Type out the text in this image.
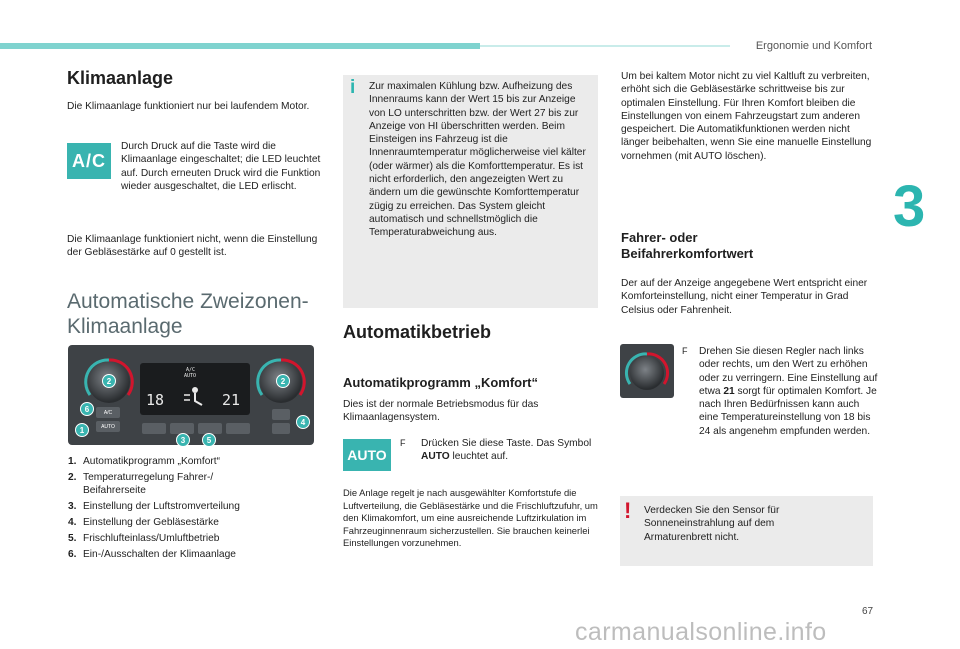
Ergonomie und Komfort
3
67
carmanualsonline.info
Klimaanlage

Die Klimaanlage funktioniert nur bei laufendem Motor.

A/C

Durch Druck auf die Taste wird die Klimaanlage eingeschaltet; die LED leuchtet auf. Durch erneuten Druck wird die Funktion wieder ausgeschaltet, die LED erlischt.

Die Klimaanlage funktioniert nicht, wenn die Einstellung der Gebläsestärke auf 0 gestellt ist.

Automatische Zweizonen-Klimaanlage
A/C
AUTO
18	21
A/C
AUTO
1
2	2
3
4
5
6
1. Automatikprogramm „Komfort“
2. Temperaturregelung Fahrer-/ Beifahrerseite
3. Einstellung der Luftstromverteilung
4. Einstellung der Gebläsestärke
5. Frischlufteinlass/Umluftbetrieb
6. Ein-/Ausschalten der Klimaanlage
i Zur maximalen Kühlung bzw. Aufheizung des Innenraums kann der Wert 15 bis zur Anzeige von LO unterschritten bzw. der Wert 27 bis zur Anzeige von HI überschritten werden. Beim Einsteigen ins Fahrzeug ist die Innenraumtemperatur möglicherweise viel kälter (oder wärmer) als die Komforttemperatur. Es ist nicht erforderlich, den angezeigten Wert zu ändern um die gewünschte Komforttemperatur zügig zu erreichen. Das System gleicht automatisch und schnellstmöglich die Temperaturabweichung aus.

Automatikbetrieb
Automatikprogramm „Komfort“

Dies ist der normale Betriebsmodus für das Klimaanlagensystem.

AUTO
F Drücken Sie diese Taste. Das Symbol AUTO leuchtet auf.

Die Anlage regelt je nach ausgewählter Komfortstufe die Luftverteilung, die Gebläsestärke und die Frischluftzufuhr, um den Klimakomfort, um eine ausreichende Luftzirkulation im Fahrzeuginnenraum sicherzustellen. Sie brauchen keinerlei Einstellungen vorzunehmen.

Um bei kaltem Motor nicht zu viel Kaltluft zu verbreiten, erhöht sich die Gebläsestärke schrittweise bis zur optimalen Einstellung. Für Ihren Komfort bleiben die Einstellungen von einem Fahrzeugstart zum anderen gespeichert. Die Automatikfunktionen werden nicht länger beibehalten, wenn Sie eine manuelle Einstellung vornehmen (mit AUTO löschen).

Fahrer- oder
Beifahrerkomfortwert

Der auf der Anzeige angegebene Wert entspricht einer Komforteinstellung, nicht einer Temperatur in Grad Celsius oder Fahrenheit.

F Drehen Sie diesen Regler nach links oder rechts, um den Wert zu erhöhen oder zu verringern. Eine Einstellung auf etwa 21 sorgt für optimalen Komfort. Je nach Ihren Bedürfnissen kann auch eine Temperatureinstellung von 18 bis 24 als angenehm empfunden werden.

! Verdecken Sie den Sensor für Sonneneinstrahlung auf dem Armaturenbrett nicht.
